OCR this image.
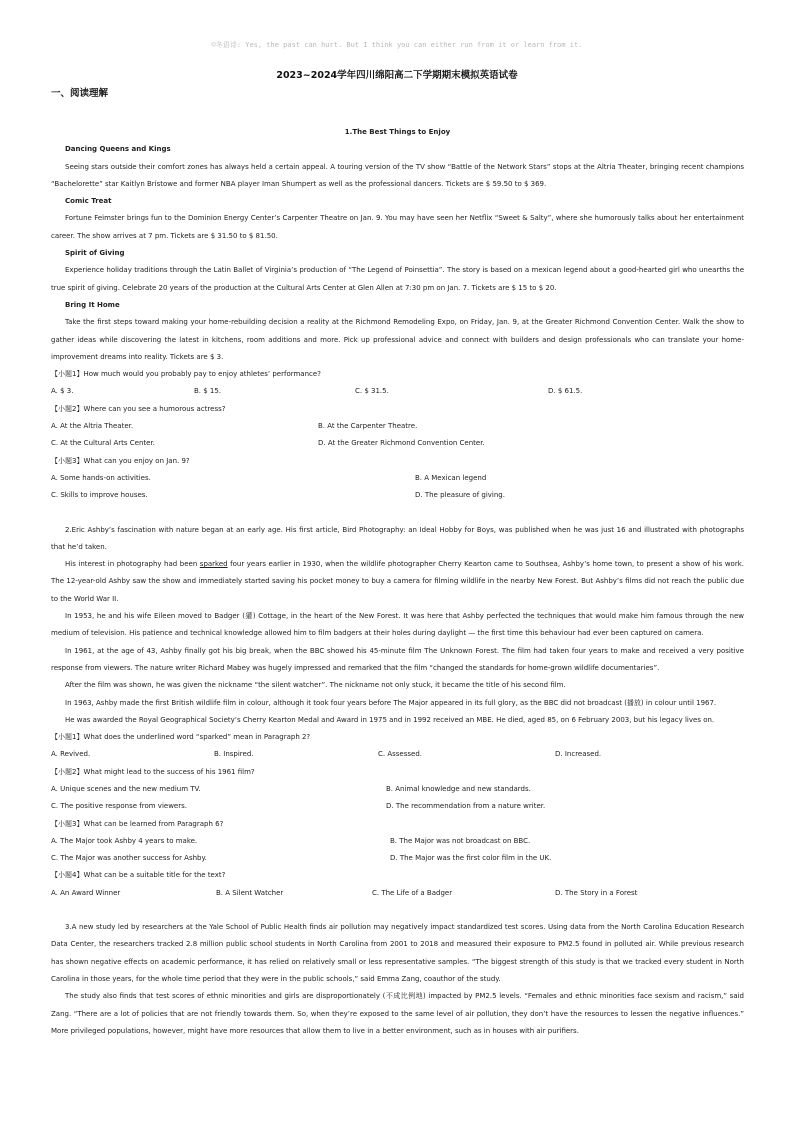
©冬语诗: Yes, the past can hurt. But I think you can either run from it or learn from it.
2023~2024学年四川绵阳高二下学期期末模拟英语试卷
一、阅读理解
1.The Best Things to Enjoy
Dancing Queens and Kings
Seeing stars outside their comfort zones has always held a certain appeal. A touring version of the TV show “Battle of the Network Stars” stops at the Altria Theater, bringing recent champions “Bachelorette” star Kaitlyn Bristowe and former NBA player Iman Shumpert as well as the professional dancers. Tickets are $ 59.50 to $ 369.
Comic Treat
Fortune Feimster brings fun to the Dominion Energy Center’s Carpenter Theatre on Jan. 9. You may have seen her Netflix “Sweet & Salty”, where she humorously talks about her entertainment career. The show arrives at 7 pm. Tickets are $ 31.50 to $ 81.50.
Spirit of Giving
Experience holiday traditions through the Latin Ballet of Virginia’s production of “The Legend of Poinsettia”. The story is based on a mexican legend about a good-hearted girl who unearths the true spirit of giving. Celebrate 20 years of the production at the Cultural Arts Center at Glen Allen at 7:30 pm on Jan. 7. Tickets are $ 15 to $ 20.
Bring It Home
Take the first steps toward making your home-rebuilding decision a reality at the Richmond Remodeling Expo, on Friday, Jan. 9, at the Greater Richmond Convention Center. Walk the show to gather ideas while discovering the latest in kitchens, room additions and more. Pick up professional advice and connect with builders and design professionals who can translate your home-improvement dreams into reality. Tickets are $ 3.
【小题1】How much would you probably pay to enjoy athletes’ performance?
A. $ 3.	B. $ 15.	C. $ 31.5.	D. $ 61.5.
【小题2】Where can you see a humorous actress?
A. At the Altria Theater.	B. At the Carpenter Theatre.
C. At the Cultural Arts Center.	D. At the Greater Richmond Convention Center.
【小题3】What can you enjoy on Jan. 9?
A. Some hands-on activities.	B. A Mexican legend
C. Skills to improve houses.	D. The pleasure of giving.
2.Eric Ashby’s fascination with nature began at an early age. His first article, Bird Photography: an Ideal Hobby for Boys, was published when he was just 16 and illustrated with photographs that he’d taken.
His interest in photography had been sparked four years earlier in 1930, when the wildlife photographer Cherry Kearton came to Southsea, Ashby’s home town, to present a show of his work. The 12-year-old Ashby saw the show and immediately started saving his pocket money to buy a camera for filming wildlife in the nearby New Forest. But Ashby’s films did not reach the public due to the World War II.
In 1953, he and his wife Eileen moved to Badger (獾) Cottage, in the heart of the New Forest. It was here that Ashby perfected the techniques that would make him famous through the new medium of television. His patience and technical knowledge allowed him to film badgers at their holes during daylight — the first time this behaviour had ever been captured on camera.
In 1961, at the age of 43, Ashby finally got his big break, when the BBC showed his 45-minute film The Unknown Forest. The film had taken four years to make and received a very positive response from viewers. The nature writer Richard Mabey was hugely impressed and remarked that the film “changed the standards for home-grown wildlife documentaries”.
After the film was shown, he was given the nickname “the silent watcher”. The nickname not only stuck, it became the title of his second film.
In 1963, Ashby made the first British wildlife film in colour, although it took four years before The Major appeared in its full glory, as the BBC did not broadcast (播放) in colour until 1967.
He was awarded the Royal Geographical Society’s Cherry Kearton Medal and Award in 1975 and in 1992 received an MBE. He died, aged 85, on 6 February 2003, but his legacy lives on.
【小题1】What does the underlined word “sparked” mean in Paragraph 2?
A. Revived.	B. Inspired.	C. Assessed.	D. Increased.
【小题2】What might lead to the success of his 1961 film?
A. Unique scenes and the new medium TV.	B. Animal knowledge and new standards.
C. The positive response from viewers.	D. The recommendation from a nature writer.
【小题3】What can be learned from Paragraph 6?
A. The Major took Ashby 4 years to make.	B. The Major was not broadcast on BBC.
C. The Major was another success for Ashby.	D. The Major was the first color film in the UK.
【小题4】What can be a suitable title for the text?
A. An Award Winner	B. A Silent Watcher	C. The Life of a Badger	D. The Story in a Forest
3.A new study led by researchers at the Yale School of Public Health finds air pollution may negatively impact standardized test scores. Using data from the North Carolina Education Research Data Center, the researchers tracked 2.8 million public school students in North Carolina from 2001 to 2018 and measured their exposure to PM2.5 found in polluted air. While previous research has shown negative effects on academic performance, it has relied on relatively small or less representative samples. “The biggest strength of this study is that we tracked every student in North Carolina in those years, for the whole time period that they were in the public schools,” said Emma Zang, coauthor of the study.
The study also finds that test scores of ethnic minorities and girls are disproportionately (不成比例地) impacted by PM2.5 levels. “Females and ethnic minorities face sexism and racism,” said Zang. “There are a lot of policies that are not friendly towards them. So, when they’re exposed to the same level of air pollution, they don’t have the resources to lessen the negative influences.” More privileged populations, however, might have more resources that allow them to live in a better environment, such as in houses with air purifiers.
